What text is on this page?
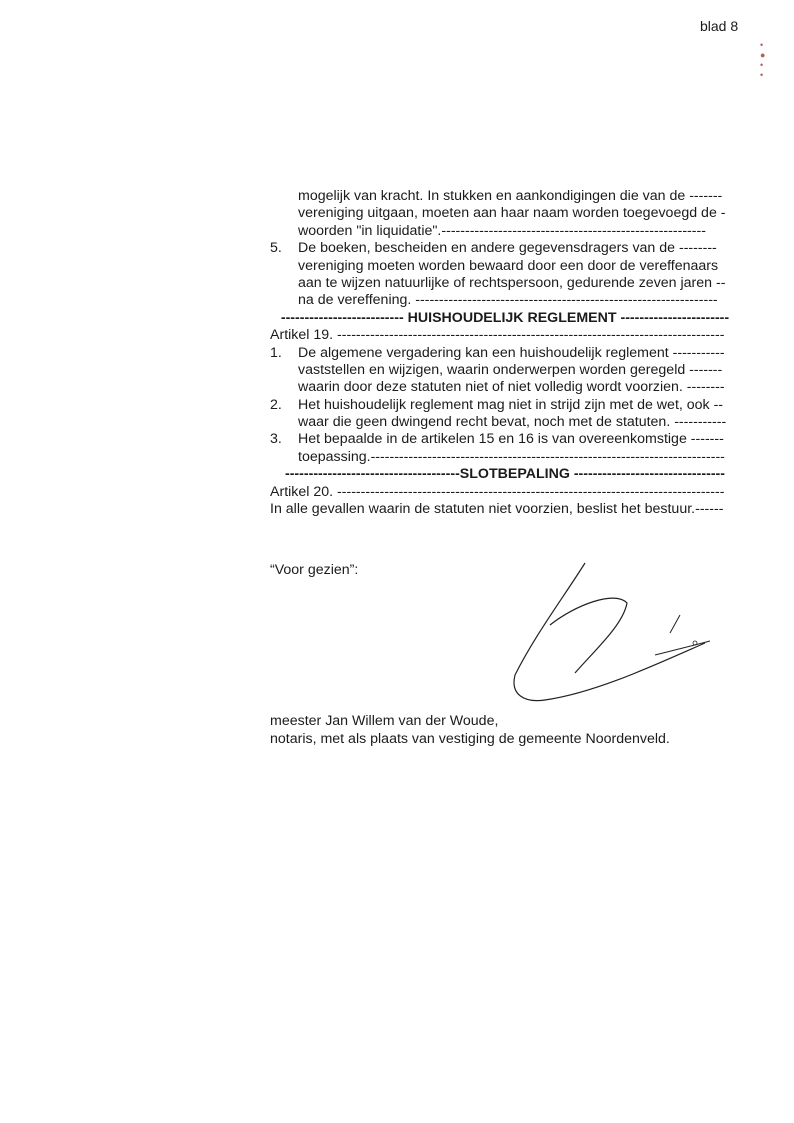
blad 8
•
●
•
•
mogelijk van kracht. In stukken en aankondigingen die van de -------
vereniging uitgaan, moeten aan haar naam worden toegevoegd de -
woorden "in liquidatie".--------------------------------------------------------
5. De boeken, bescheiden en andere gegevensdragers van de --------
vereniging moeten worden bewaard door een door de vereffenaars
aan te wijzen natuurlijke of rechtspersoon, gedurende zeven jaren --
na de vereffening. ----------------------------------------------------------------
-------------------------- HUISHOUDELIJK REGLEMENT -----------------------
Artikel 19. ----------------------------------------------------------------------------------
1. De algemene vergadering kan een huishoudelijk reglement -----------
vaststellen en wijzigen, waarin onderwerpen worden geregeld -------
waarin door deze statuten niet of niet volledig wordt voorzien. --------
2. Het huishoudelijk reglement mag niet in strijd zijn met de wet, ook --
waar die geen dwingend recht bevat, noch met de statuten. -----------
3. Het bepaalde in de artikelen 15 en 16 is van overeenkomstige -------
toepassing.---------------------------------------------------------------------------
-------------------------------------SLOTBEPALING --------------------------------
Artikel 20. ----------------------------------------------------------------------------------
In alle gevallen waarin de statuten niet voorzien, beslist het bestuur.------
“Voor gezien”:
meester Jan Willem van der Woude,
notaris, met als plaats van vestiging de gemeente Noordenveld.
